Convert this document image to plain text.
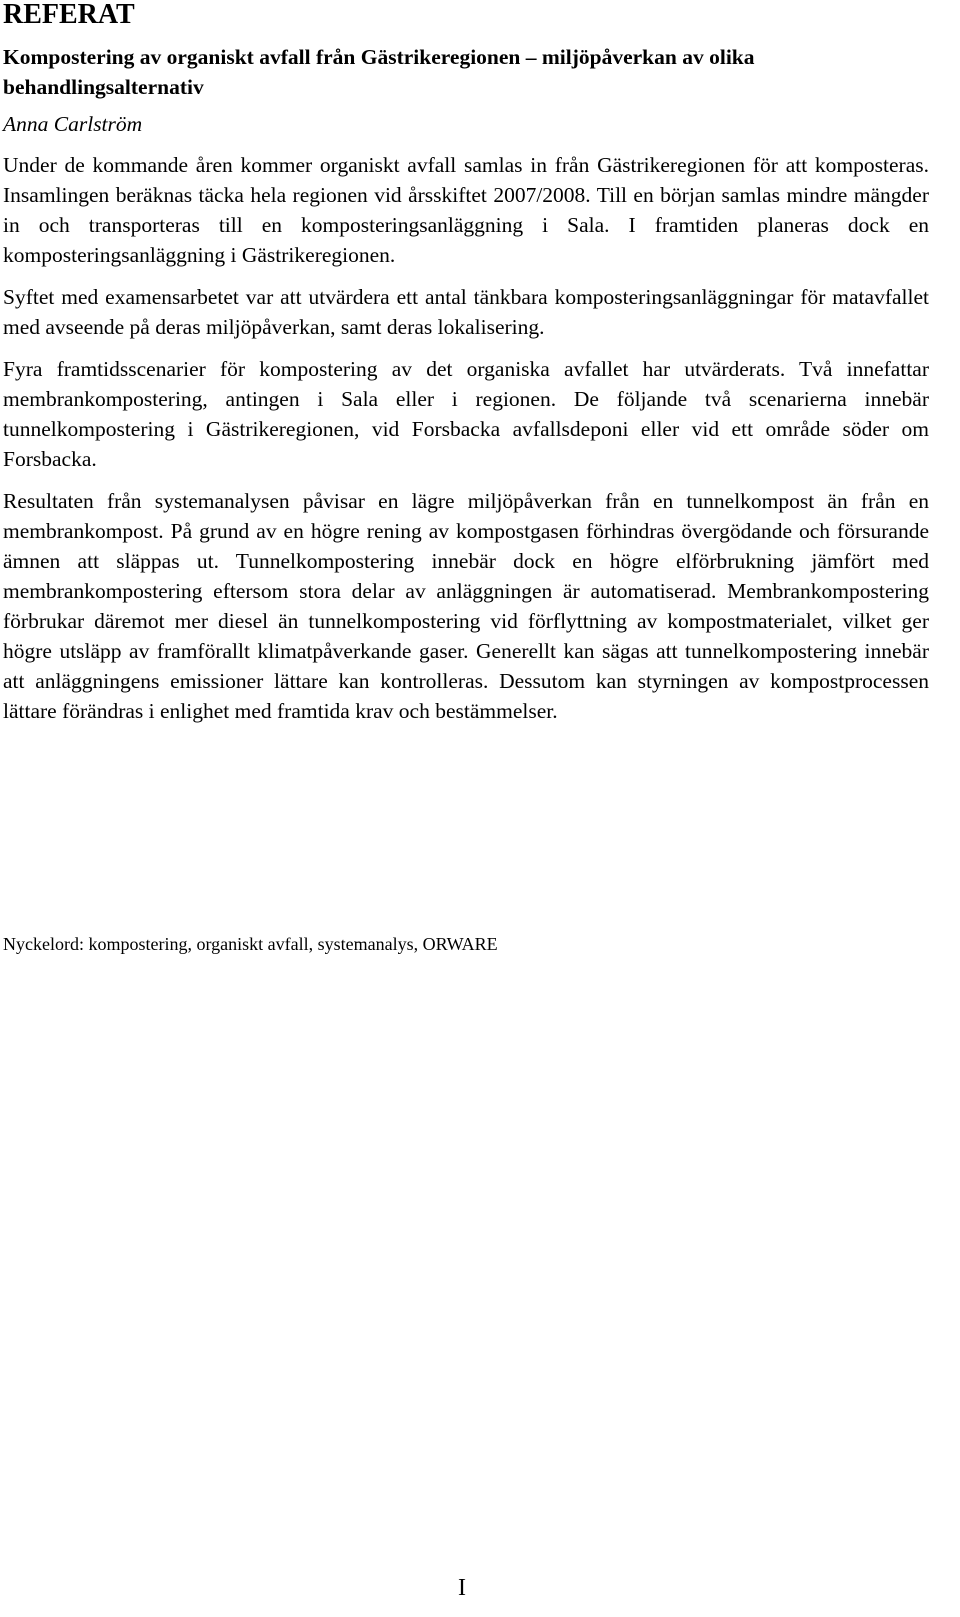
REFERAT

Kompostering av organiskt avfall från Gästrikeregionen – miljöpåverkan av olika behandlingsalternativ

Anna Carlström

Under de kommande åren kommer organiskt avfall samlas in från Gästrikeregionen för att komposteras. Insamlingen beräknas täcka hela regionen vid årsskiftet 2007/2008. Till en början samlas mindre mängder in och transporteras till en komposteringsanläggning i Sala. I framtiden planeras dock en komposteringsanläggning i Gästrikeregionen.

Syftet med examensarbetet var att utvärdera ett antal tänkbara komposteringsanläggningar för matavfallet med avseende på deras miljöpåverkan, samt deras lokalisering.

Fyra framtidsscenarier för kompostering av det organiska avfallet har utvärderats. Två innefattar membrankompostering, antingen i Sala eller i regionen. De följande två scenarierna innebär tunnelkompostering i Gästrikeregionen, vid Forsbacka avfallsdeponi eller vid ett område söder om Forsbacka.

Resultaten från systemanalysen påvisar en lägre miljöpåverkan från en tunnelkompost än från en membrankompost. På grund av en högre rening av kompostgasen förhindras övergödande och försurande ämnen att släppas ut. Tunnelkompostering innebär dock en högre elförbrukning jämfört med membrankompostering eftersom stora delar av anläggningen är automatiserad. Membrankompostering förbrukar däremot mer diesel än tunnelkompostering vid förflyttning av kompostmaterialet, vilket ger högre utsläpp av framförallt klimatpåverkande gaser. Generellt kan sägas att tunnelkompostering innebär att anläggningens emissioner lättare kan kontrolleras. Dessutom kan styrningen av kompostprocessen lättare förändras i enlighet med framtida krav och bestämmelser.

Nyckelord: kompostering, organiskt avfall, systemanalys, ORWARE

I
